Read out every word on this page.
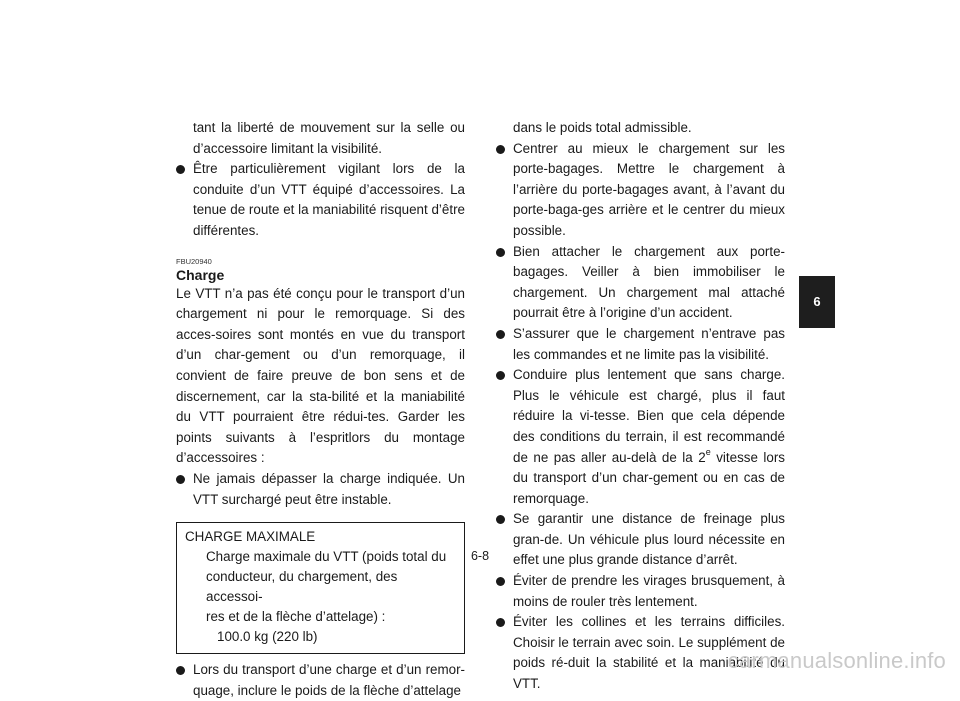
tant la liberté de mouvement sur la selle ou d’accessoire limitant la visibilité.
Être particulièrement vigilant lors de la conduite d’un VTT équipé d’accessoires. La tenue de route et la maniabilité risquent d’être différentes.
FBU20940
Charge

Le VTT n’a pas été conçu pour le transport d’un chargement ni pour le remorquage. Si des acces-soires sont montés en vue du transport d’un char-gement ou d’un remorquage, il convient de faire preuve de bon sens et de discernement, car la sta-bilité et la maniabilité du VTT pourraient être rédui-tes. Garder les points suivants à l’espritlors du montage d’accessoires :

Ne jamais dépasser la charge indiquée. Un VTT surchargé peut être instable.
CHARGE MAXIMALE
Charge maximale du VTT (poids total du
conducteur, du chargement, des accessoi-
res et de la flèche d’attelage) :
100.0 kg (220 lb)
Lors du transport d’une charge et d’un remor-quage, inclure le poids de la flèche d’attelage
dans le poids total admissible.
Centrer au mieux le chargement sur les porte-bagages. Mettre le chargement à l’arrière du porte-bagages avant, à l’avant du porte-baga-ges arrière et le centrer du mieux possible.
Bien attacher le chargement aux porte-bagages. Veiller à bien immobiliser le chargement. Un chargement mal attaché pourrait être à l’origine d’un accident.
S’assurer que le chargement n’entrave pas les commandes et ne limite pas la visibilité.
Conduire plus lentement que sans charge. Plus le véhicule est chargé, plus il faut réduire la vi-tesse. Bien que cela dépende des conditions du terrain, il est recommandé de ne pas aller au-delà de la 2e vitesse lors du transport d’un char-gement ou en cas de remorquage.
Se garantir une distance de freinage plus gran-de. Un véhicule plus lourd nécessite en effet une plus grande distance d’arrêt.
Éviter de prendre les virages brusquement, à moins de rouler très lentement.
Éviter les collines et les terrains difficiles. Choisir le terrain avec soin. Le supplément de poids ré-duit la stabilité et la maniabilité du VTT.
6
6-8
carmanualsonline.info
